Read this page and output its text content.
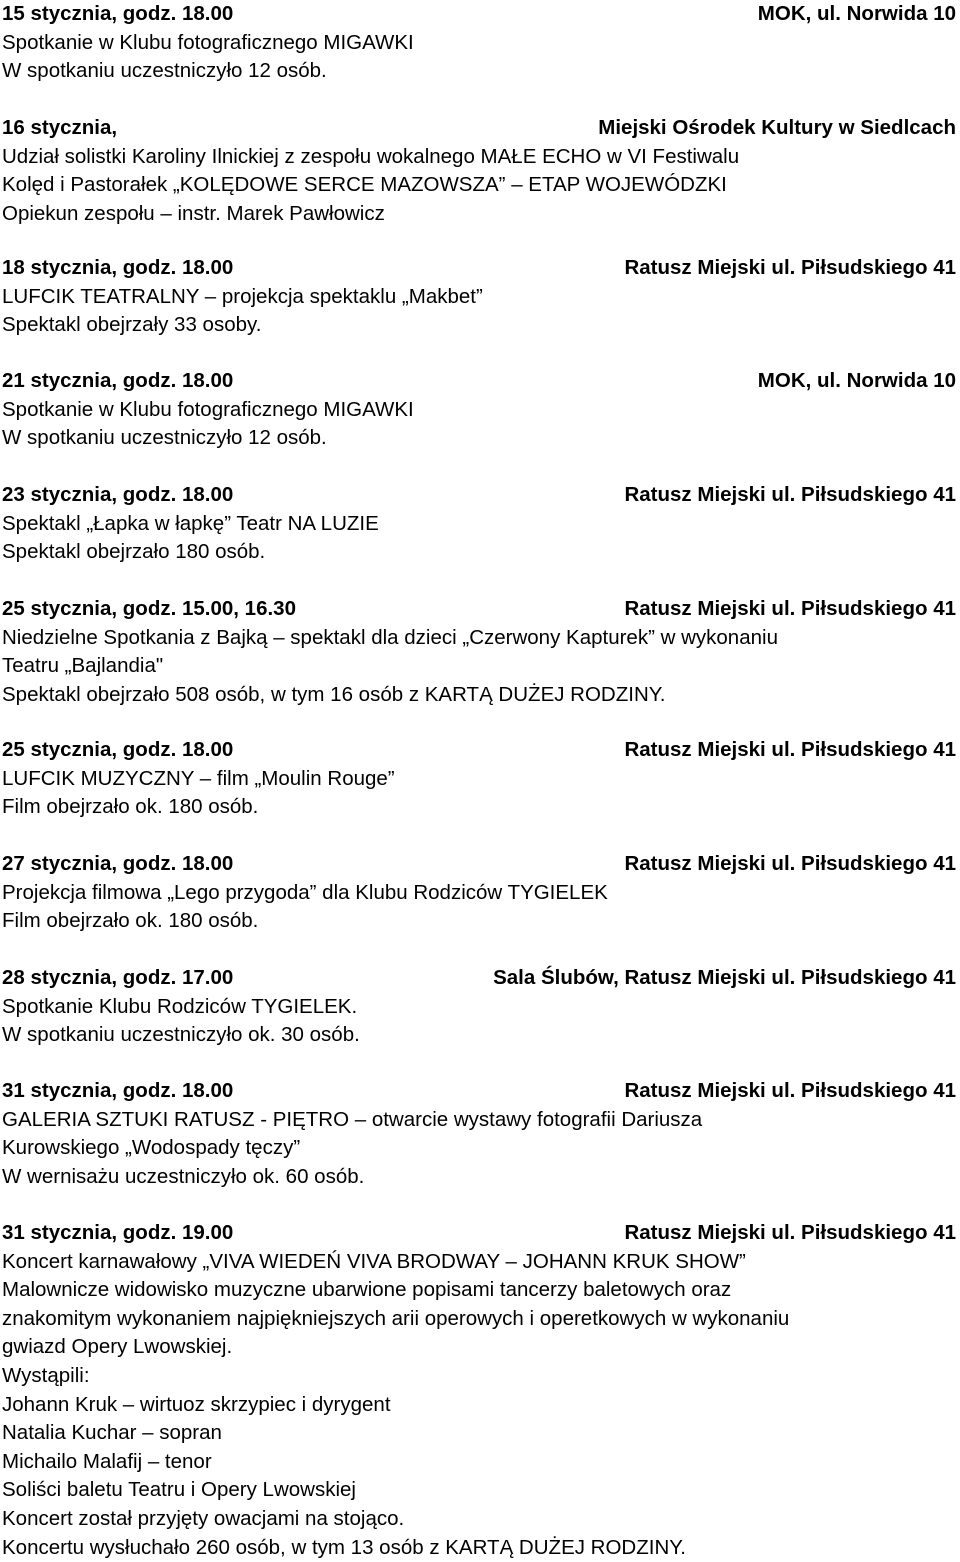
15 stycznia, godz. 18.00	MOK, ul. Norwida 10
Spotkanie w Klubu fotograficznego MIGAWKI
W spotkaniu uczestniczyło 12 osób.
16 stycznia,	Miejski Ośrodek Kultury w Siedlcach
Udział solistki Karoliny Ilnickiej z zespołu wokalnego MAŁE ECHO w VI Festiwalu
Kolęd i Pastorałek „KOLĘDOWE SERCE MAZOWSZA” – ETAP WOJEWÓDZKI
Opiekun zespołu – instr. Marek Pawłowicz
18 stycznia, godz. 18.00	Ratusz Miejski ul. Piłsudskiego 41
LUFCIK TEATRALNY – projekcja spektaklu „Makbet”
Spektakl obejrzały 33 osoby.
21 stycznia, godz. 18.00	MOK, ul. Norwida 10
Spotkanie w Klubu fotograficznego MIGAWKI
W spotkaniu uczestniczyło 12 osób.
23 stycznia, godz. 18.00	Ratusz Miejski ul. Piłsudskiego 41
Spektakl „Łapka w łapkę” Teatr NA LUZIE
Spektakl obejrzało 180 osób.
25 stycznia, godz. 15.00, 16.30	Ratusz Miejski ul. Piłsudskiego 41
Niedzielne Spotkania z Bajką – spektakl dla dzieci „Czerwony Kapturek” w wykonaniu
Teatru „Bajlandia"
Spektakl obejrzało 508 osób, w tym 16 osób z KARTĄ DUŻEJ RODZINY.
25 stycznia, godz. 18.00	Ratusz Miejski ul. Piłsudskiego 41
LUFCIK MUZYCZNY – film „Moulin Rouge”
Film obejrzało ok. 180 osób.
27 stycznia, godz. 18.00	Ratusz Miejski ul. Piłsudskiego 41
Projekcja filmowa „Lego przygoda” dla Klubu Rodziców TYGIELEK
Film obejrzało ok. 180 osób.
28 stycznia, godz. 17.00	Sala Ślubów, Ratusz Miejski ul. Piłsudskiego 41
Spotkanie Klubu Rodziców TYGIELEK.
W spotkaniu uczestniczyło ok. 30 osób.
31 stycznia, godz. 18.00	Ratusz Miejski ul. Piłsudskiego 41
GALERIA SZTUKI RATUSZ - PIĘTRO – otwarcie wystawy fotografii Dariusza
Kurowskiego „Wodospady tęczy”
W wernisażu uczestniczyło ok. 60 osób.
31 stycznia, godz. 19.00	Ratusz Miejski ul. Piłsudskiego 41
Koncert karnawałowy „VIVA WIEDEŃ VIVA BRODWAY – JOHANN KRUK SHOW”
Malownicze widowisko muzyczne ubarwione popisami tancerzy baletowych oraz
znakomitym wykonaniem najpiękniejszych arii operowych i operetkowych w wykonaniu
gwiazd Opery Lwowskiej.
Wystąpili:
Johann Kruk – wirtuoz skrzypiec i dyrygent
Natalia Kuchar – sopran
Michailo Malafij – tenor
Soliści baletu Teatru i Opery Lwowskiej
Koncert został przyjęty owacjami na stojąco.
Koncertu wysłuchało 260 osób, w tym 13 osób z KARTĄ DUŻEJ RODZINY.
